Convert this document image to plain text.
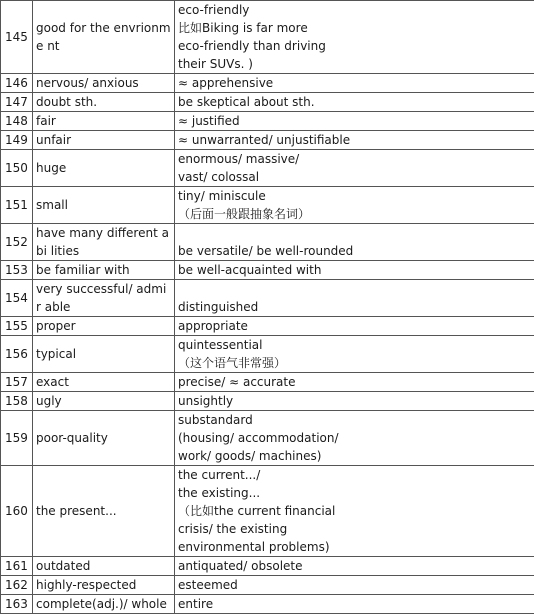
145	good for the envrionme nt	eco-friendly
比如Biking is far more
eco-friendly than driving
their SUVs. )

146	nervous/ anxious	≈ apprehensive

147	doubt sth.	be skeptical about sth.

148	fair	≈ justified

149	unfair	≈ unwarranted/ unjustifiable

150	huge	enormous/ massive/
vast/ colossal

151	small	tiny/ miniscule
（后面一般跟抽象名词）

152	have many different abi lities	be versatile/ be well-rounded

153	be familiar with	be well-acquainted with

154	very successful/ admir able	distinguished

155	proper	appropriate

156	typical	quintessential
（这个语气非常强）

157	exact	precise/ ≈ accurate

158	ugly	unsightly

159	poor-quality	substandard
(housing/ accommodation/
work/ goods/ machines)

160	the present...	the current.../
the existing...
（比如the current financial
crisis/ the existing
environmental problems)

161	outdated	antiquated/ obsolete

162	highly-respected	esteemed

163	complete(adj.)/ whole	entire
